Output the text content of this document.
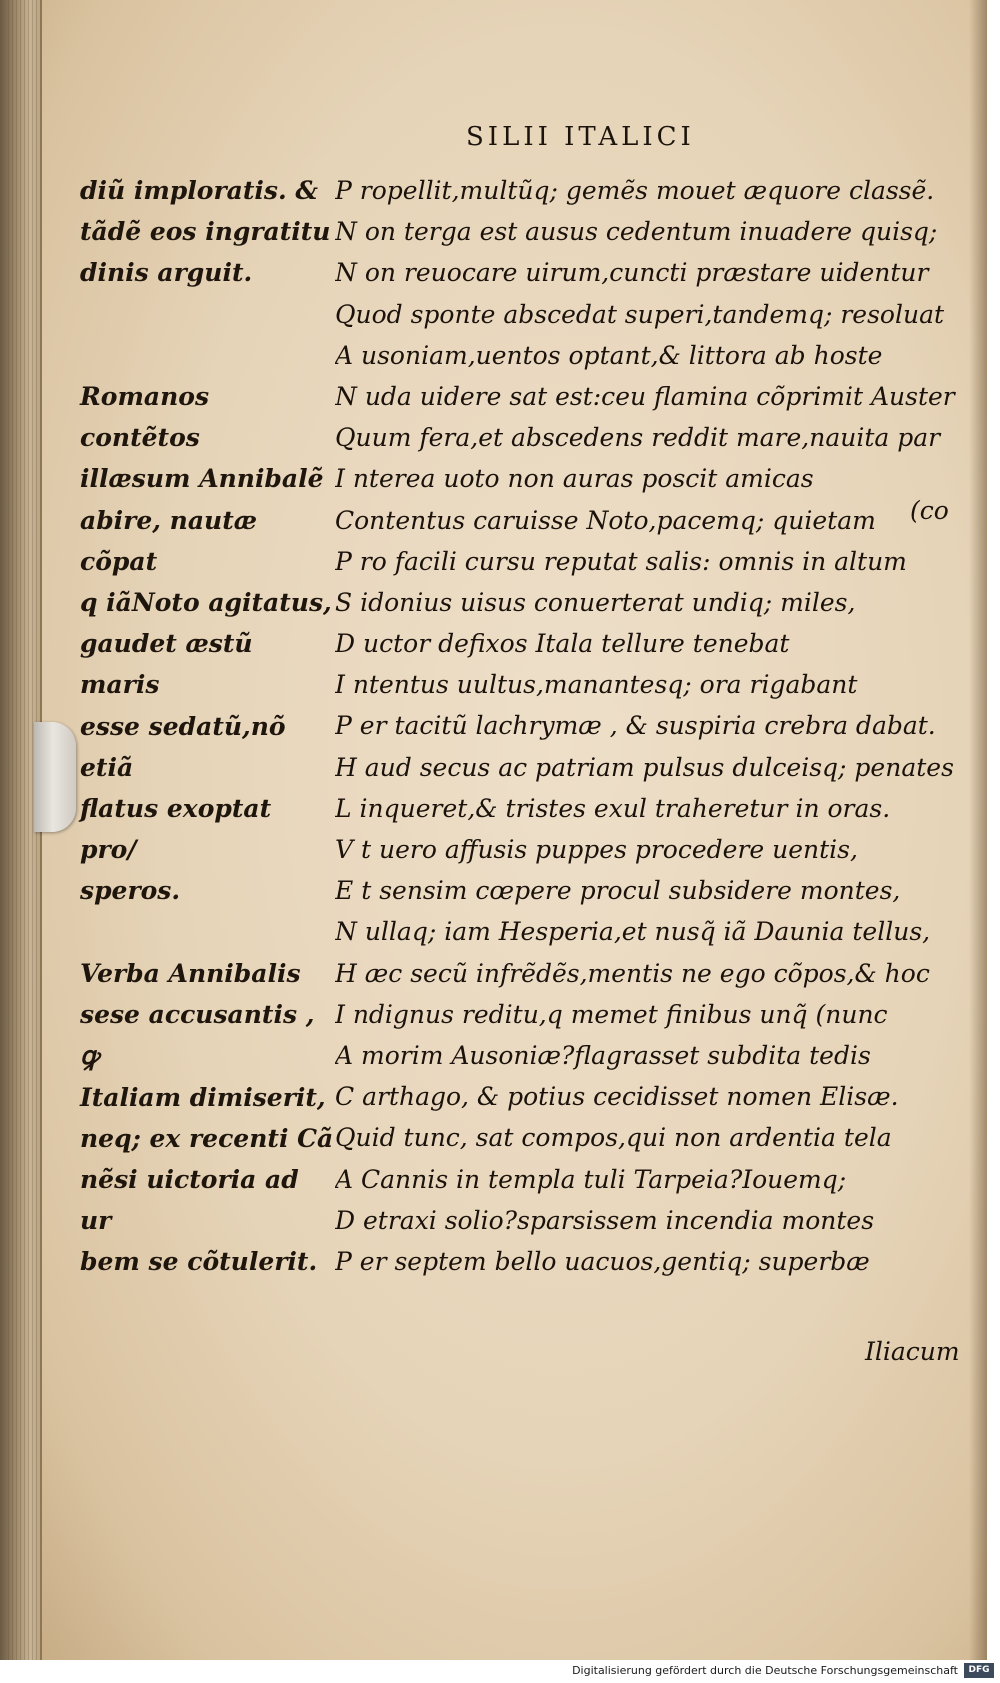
SILII ITALICI
diũ imploratis. &
tãdẽ eos ingratitu
dinis arguit.
Romanos contẽtos
illæsum Annibalẽ
abire, nautæ cõpat
q iãNoto agitatus,
gaudet æstũ maris
esse sedatũ,nõ etiã
flatus exoptat pro/
speros.
Verba Annibalis
sese accusantis , ꝙ
Italiam dimiserit,
neq; ex recenti Cã
nẽsi uictoria ad ur
bem se cõtulerit.
P ropellit,multũq; gemẽs mouet æquore classẽ.
N on terga est ausus cedentum inuadere quisq;
N on reuocare uirum,cuncti præstare uidentur
Quod sponte abscedat superi,tandemq; resoluat
A usoniam,uentos optant,& littora ab hoste
N uda uidere sat est:ceu flamina cõprimit Auster
Quum fera,et abscedens reddit mare,nauita par
I nterea uoto non auras poscit amicas
Contentus caruisse Noto,pacemq; quietam
P ro facili cursu reputat salis: omnis in altum
S idonius uisus conuerterat undiq; miles,
D uctor defixos Itala tellure tenebat
I ntentus uultus,manantesq; ora rigabant
P er tacitũ lachrymæ , & suspiria crebra dabat.
H aud secus ac patriam pulsus dulceisq; penates
L inqueret,& tristes exul traheretur in oras.
V t uero affusis puppes procedere uentis,
E t sensim cœpere procul subsidere montes,
N ullaq; iam Hesperia,et nusq̃ iã Daunia tellus,
H æc secũ infrẽdẽs,mentis ne ego cõpos,& hoc
I ndignus reditu,q memet finibus unq̃ (nunc
A morim Ausoniæ?flagrasset subdita tedis
C arthago, & potius cecidisset nomen Elisæ.
Quid tunc, sat compos,qui non ardentia tela
A Cannis in templa tuli Tarpeia?Iouemq;
D etraxi solio?sparsissem incendia montes
P er septem bello uacuos,gentiq; superbæ
(co
Iliacum
Digitalisierung gefördert durch die Deutsche Forschungsgemeinschaft	DFG
